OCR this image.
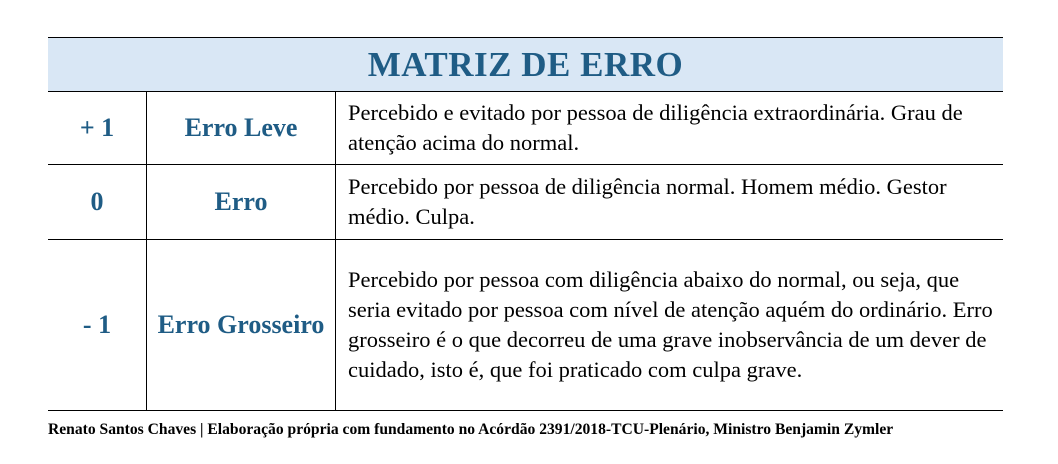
MATRIZ DE ERRO		
+ 1	Erro Leve	Percebido e evitado por pessoa de diligência extraordinária. Grau de atenção acima do normal.
0	Erro	Percebido por pessoa de diligência normal. Homem médio. Gestor médio. Culpa.
- 1	Erro Grosseiro	Percebido por pessoa com diligência abaixo do normal, ou seja, que seria evitado por pessoa com nível de atenção aquém do ordinário. Erro grosseiro é o que decorreu de uma grave inobservância de um dever de cuidado, isto é, que foi praticado com culpa grave.
Renato Santos Chaves | Elaboração própria com fundamento no Acórdão 2391/2018-TCU-Plenário, Ministro Benjamin Zymler
